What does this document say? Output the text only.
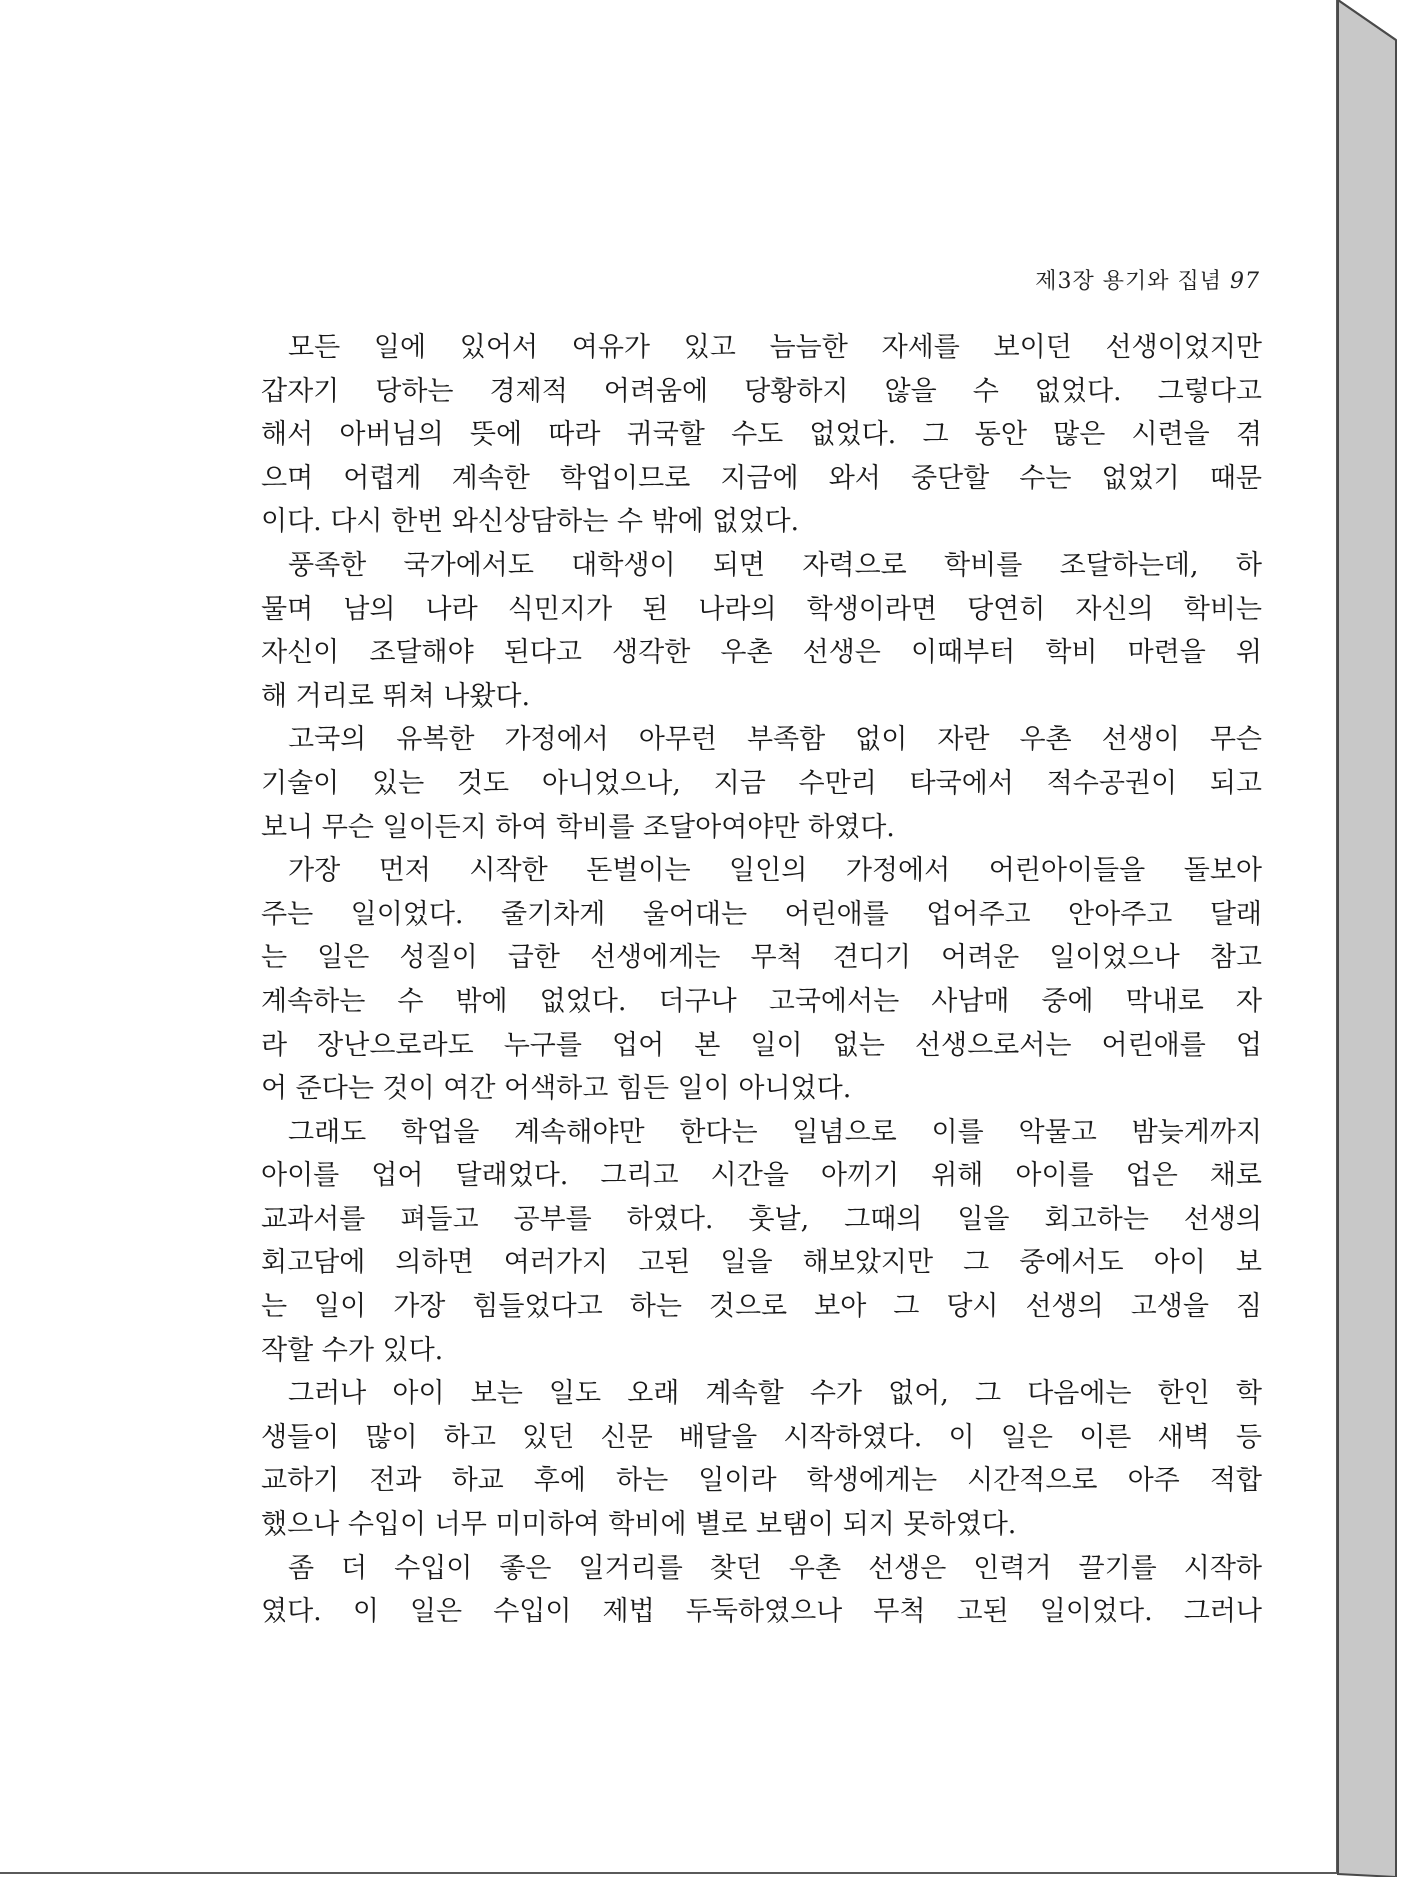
제3장 용기와 집념 97
모든 일에 있어서 여유가 있고 늠늠한 자세를 보이던 선생이었지만
갑자기 당하는 경제적 어려움에 당황하지 않을 수 없었다. 그렇다고
해서 아버님의 뜻에 따라 귀국할 수도 없었다. 그 동안 많은 시련을 겪
으며 어렵게 계속한 학업이므로 지금에 와서 중단할 수는 없었기 때문
이다. 다시 한번 와신상담하는 수 밖에 없었다.
풍족한 국가에서도 대학생이 되면 자력으로 학비를 조달하는데, 하
물며 남의 나라 식민지가 된 나라의 학생이라면 당연히 자신의 학비는
자신이 조달해야 된다고 생각한 우촌 선생은 이때부터 학비 마련을 위
해 거리로 뛰쳐 나왔다.
고국의 유복한 가정에서 아무런 부족함 없이 자란 우촌 선생이 무슨
기술이 있는 것도 아니었으나, 지금 수만리 타국에서 적수공권이 되고
보니 무슨 일이든지 하여 학비를 조달아여야만 하였다.
가장 먼저 시작한 돈벌이는 일인의 가정에서 어린아이들을 돌보아
주는 일이었다. 줄기차게 울어대는 어린애를 업어주고 안아주고 달래
는 일은 성질이 급한 선생에게는 무척 견디기 어려운 일이었으나 참고
계속하는 수 밖에 없었다. 더구나 고국에서는 사남매 중에 막내로 자
라 장난으로라도 누구를 업어 본 일이 없는 선생으로서는 어린애를 업
어 준다는 것이 여간 어색하고 힘든 일이 아니었다.
그래도 학업을 계속해야만 한다는 일념으로 이를 악물고 밤늦게까지
아이를 업어 달래었다. 그리고 시간을 아끼기 위해 아이를 업은 채로
교과서를 펴들고 공부를 하였다. 훗날, 그때의 일을 회고하는 선생의
회고담에 의하면 여러가지 고된 일을 해보았지만 그 중에서도 아이 보
는 일이 가장 힘들었다고 하는 것으로 보아 그 당시 선생의 고생을 짐
작할 수가 있다.
그러나 아이 보는 일도 오래 계속할 수가 없어, 그 다음에는 한인 학
생들이 많이 하고 있던 신문 배달을 시작하였다. 이 일은 이른 새벽 등
교하기 전과 하교 후에 하는 일이라 학생에게는 시간적으로 아주 적합
했으나 수입이 너무 미미하여 학비에 별로 보탬이 되지 못하였다.
좀 더 수입이 좋은 일거리를 찾던 우촌 선생은 인력거 끌기를 시작하
였다. 이 일은 수입이 제법 두둑하였으나 무척 고된 일이었다. 그러나
